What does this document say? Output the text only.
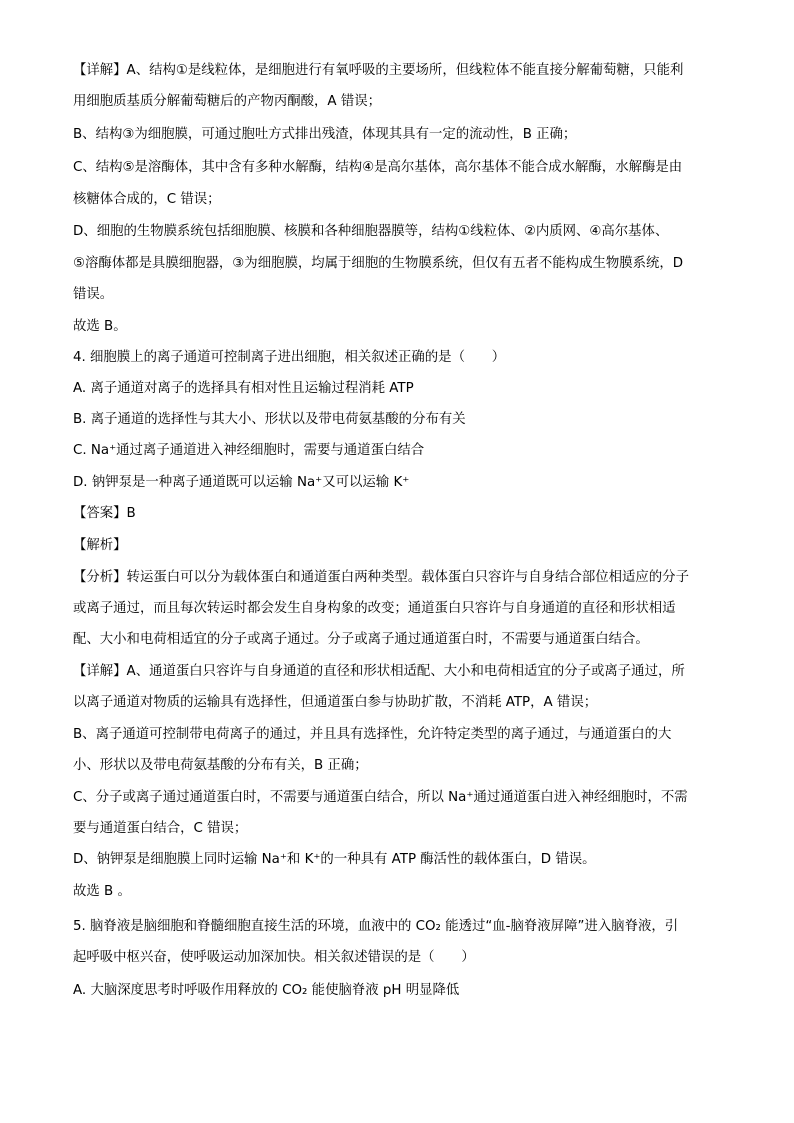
【详解】A、结构①是线粒体，是细胞进行有氧呼吸的主要场所，但线粒体不能直接分解葡萄糖，只能利
用细胞质基质分解葡萄糖后的产物丙酮酸，A 错误；
B、结构③为细胞膜，可通过胞吐方式排出残渣，体现其具有一定的流动性，B 正确；
C、结构⑤是溶酶体，其中含有多种水解酶，结构④是高尔基体，高尔基体不能合成水解酶，水解酶是由
核糖体合成的，C 错误；
D、细胞的生物膜系统包括细胞膜、核膜和各种细胞器膜等，结构①线粒体、②内质网、④高尔基体、
⑤溶酶体都是具膜细胞器，③为细胞膜，均属于细胞的生物膜系统，但仅有五者不能构成生物膜系统，D
错误。
故选 B。
4. 细胞膜上的离子通道可控制离子进出细胞，相关叙述正确的是（　　）
A. 离子通道对离子的选择具有相对性且运输过程消耗 ATP
B. 离子通道的选择性与其大小、形状以及带电荷氨基酸的分布有关
C. Na⁺通过离子通道进入神经细胞时，需要与通道蛋白结合
D. 钠钾泵是一种离子通道既可以运输 Na⁺又可以运输 K⁺
【答案】B
【解析】
【分析】转运蛋白可以分为载体蛋白和通道蛋白两种类型。载体蛋白只容许与自身结合部位相适应的分子
或离子通过，而且每次转运时都会发生自身构象的改变；通道蛋白只容许与自身通道的直径和形状相适
配、大小和电荷相适宜的分子或离子通过。分子或离子通过通道蛋白时，不需要与通道蛋白结合。
【详解】A、通道蛋白只容许与自身通道的直径和形状相适配、大小和电荷相适宜的分子或离子通过，所
以离子通道对物质的运输具有选择性，但通道蛋白参与协助扩散，不消耗 ATP，A 错误；
B、离子通道可控制带电荷离子的通过，并且具有选择性，允许特定类型的离子通过，与通道蛋白的大
小、形状以及带电荷氨基酸的分布有关，B 正确；
C、分子或离子通过通道蛋白时，不需要与通道蛋白结合，所以 Na⁺通过通道蛋白进入神经细胞时，不需
要与通道蛋白结合，C 错误；
D、钠钾泵是细胞膜上同时运输 Na⁺和 K⁺的一种具有 ATP 酶活性的载体蛋白，D 错误。
故选 B 。
5. 脑脊液是脑细胞和脊髓细胞直接生活的环境，血液中的 CO₂ 能透过“血-脑脊液屏障”进入脑脊液，引
起呼吸中枢兴奋，使呼吸运动加深加快。相关叙述错误的是（　　）
A. 大脑深度思考时呼吸作用释放的 CO₂ 能使脑脊液 pH 明显降低
